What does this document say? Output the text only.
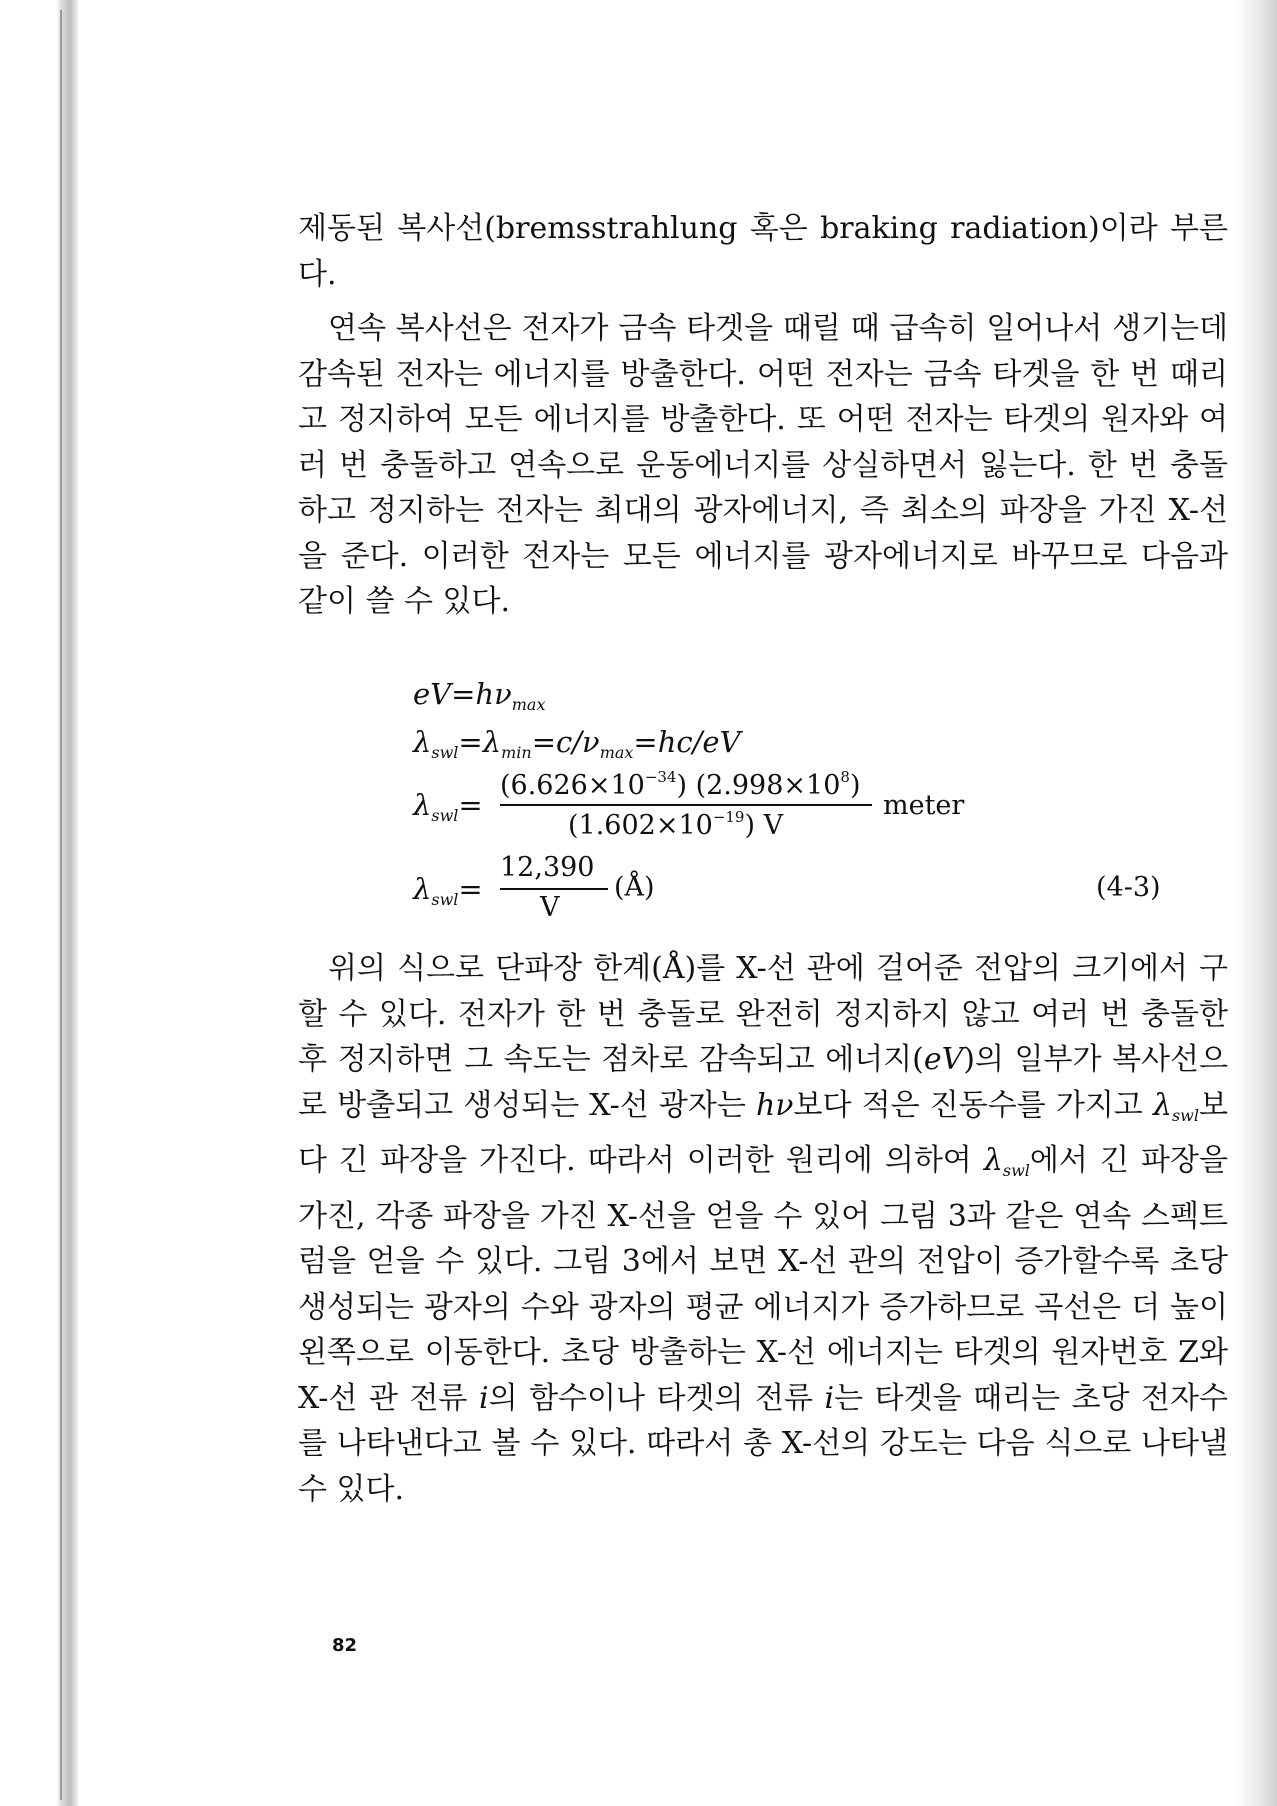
제동된 복사선(bremsstrahlung 혹은 braking radiation)이라 부른다.
연속 복사선은 전자가 금속 타겟을 때릴 때 급속히 일어나서 생기는데 감속된 전자는 에너지를 방출한다. 어떤 전자는 금속 타겟을 한 번 때리고 정지하여 모든 에너지를 방출한다. 또 어떤 전자는 타겟의 원자와 여러 번 충돌하고 연속으로 운동에너지를 상실하면서 잃는다. 한 번 충돌하고 정지하는 전자는 최대의 광자에너지, 즉 최소의 파장을 가진 X-선을 준다. 이러한 전자는 모든 에너지를 광자에너지로 바꾸므로 다음과 같이 쓸 수 있다.
$eV=h\nu_{max}$
$\lambda_{swl}=\lambda_{min}=c/\nu_{max}=hc/eV$
$\lambda_{swl}=$
$(6.626\times 10^{-34})$ $(2.998\times 10^8)$
$(1.602\times 10^{-19})$ V
meter
$\lambda_{swl}=$
12,390
V
(Å)	(4-3)
위의 식으로 단파장 한계(Å)를 X-선 관에 걸어준 전압의 크기에서 구할 수 있다. 전자가 한 번 충돌로 완전히 정지하지 않고 여러 번 충돌한 후 정지하면 그 속도는 점차로 감속되고 에너지(eV)의 일부가 복사선으로 방출되고 생성되는 X-선 광자는 hν보다 적은 진동수를 가지고 $\lambda_{swl}$보다 긴 파장을 가진다. 따라서 이러한 원리에 의하여 $\lambda_{swl}$에서 긴 파장을 가진, 각종 파장을 가진 X-선을 얻을 수 있어 그림 3과 같은 연속 스펙트럼을 얻을 수 있다. 그림 3에서 보면 X-선 관의 전압이 증가할수록 초당 생성되는 광자의 수와 광자의 평균 에너지가 증가하므로 곡선은 더 높이 왼쪽으로 이동한다. 초당 방출하는 X-선 에너지는 타겟의 원자번호 Z와 X-선 관 전류 i의 함수이나 타겟의 전류 i는 타겟을 때리는 초당 전자수를 나타낸다고 볼 수 있다. 따라서 총 X-선의 강도는 다음 식으로 나타낼 수 있다.
82
